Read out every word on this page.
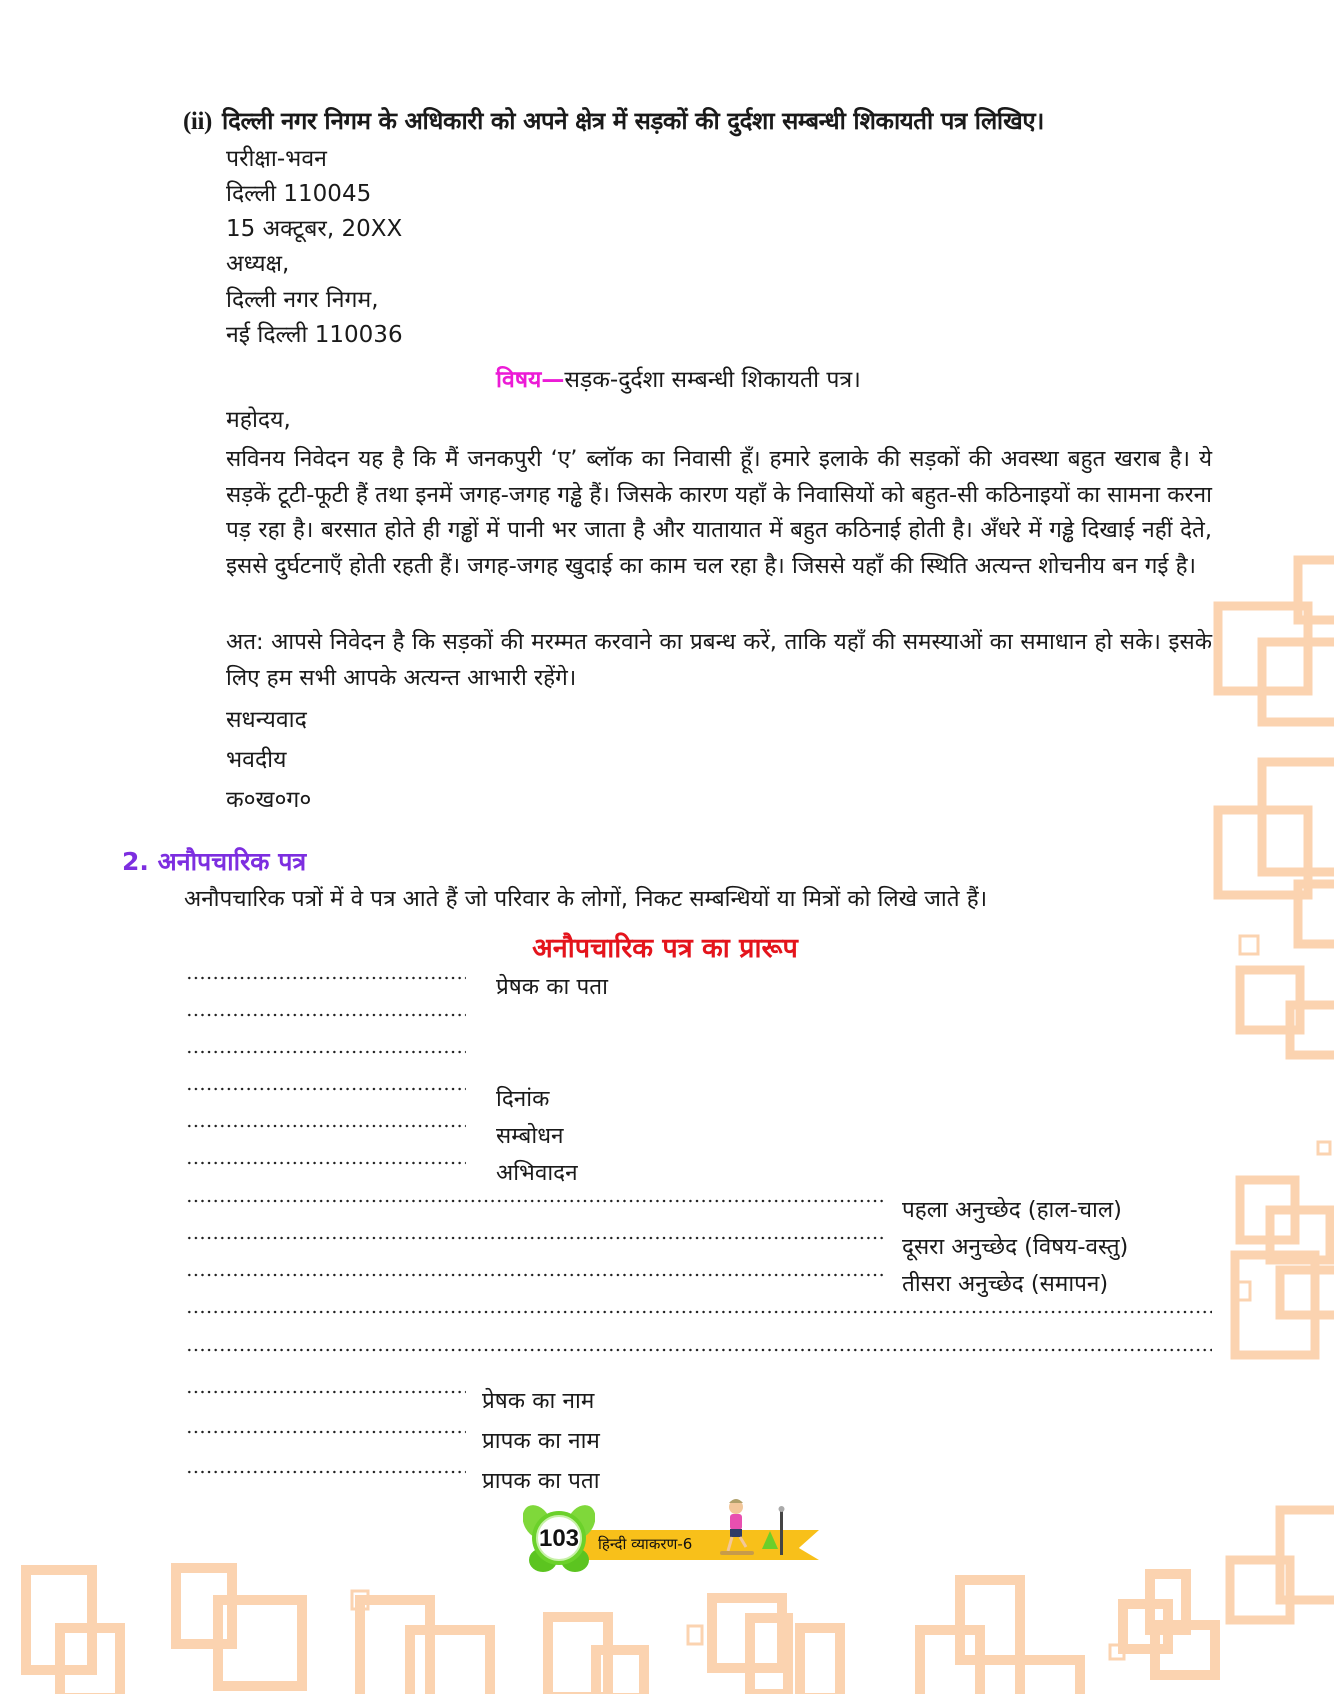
(ii) दिल्ली नगर निगम के अधिकारी को अपने क्षेत्र में सड़कों की दुर्दशा सम्बन्धी शिकायती पत्र लिखिए।
परीक्षा-भवन
दिल्ली 110045
15 अक्टूबर, 20XX
अध्यक्ष,
दिल्ली नगर निगम,
नई दिल्ली 110036
विषय—सड़क-दुर्दशा सम्बन्धी शिकायती पत्र।
महोदय,
सविनय निवेदन यह है कि मैं जनकपुरी ‘ए’ ब्लॉक का निवासी हूँ। हमारे इलाके की सड़कों की अवस्था बहुत खराब है। ये सड़कें टूटी-फूटी हैं तथा इनमें जगह-जगह गड्ढे हैं। जिसके कारण यहाँ के निवासियों को बहुत-सी कठिनाइयों का सामना करना पड़ रहा है। बरसात होते ही गड्ढों में पानी भर जाता है और यातायात में बहुत कठिनाई होती है। अँधरे में गड्ढे दिखाई नहीं देते, इससे दुर्घटनाएँ होती रहती हैं। जगह-जगह खुदाई का काम चल रहा है। जिससे यहाँ की स्थिति अत्यन्त शोचनीय बन गई है।
अत: आपसे निवेदन है कि सड़कों की मरम्मत करवाने का प्रबन्ध करें, ताकि यहाँ की समस्याओं का समाधान हो सके। इसके लिए हम सभी आपके अत्यन्त आभारी रहेंगे।
सधन्यवाद
भवदीय
क०ख०ग०
2. अनौपचारिक पत्र
अनौपचारिक पत्रों में वे पत्र आते हैं जो परिवार के लोगों, निकट सम्बन्धियों या मित्रों को लिखे जाते हैं।
अनौपचारिक पत्र का प्रारूप
प्रेषक का पता
दिनांक
सम्बोधन
अभिवादन
पहला अनुच्छेद (हाल-चाल)
दूसरा अनुच्छेद (विषय-वस्तु)
तीसरा अनुच्छेद (समापन)
प्रेषक का नाम
प्रापक का नाम
प्रापक का पता
103	हिन्दी व्याकरण-6
